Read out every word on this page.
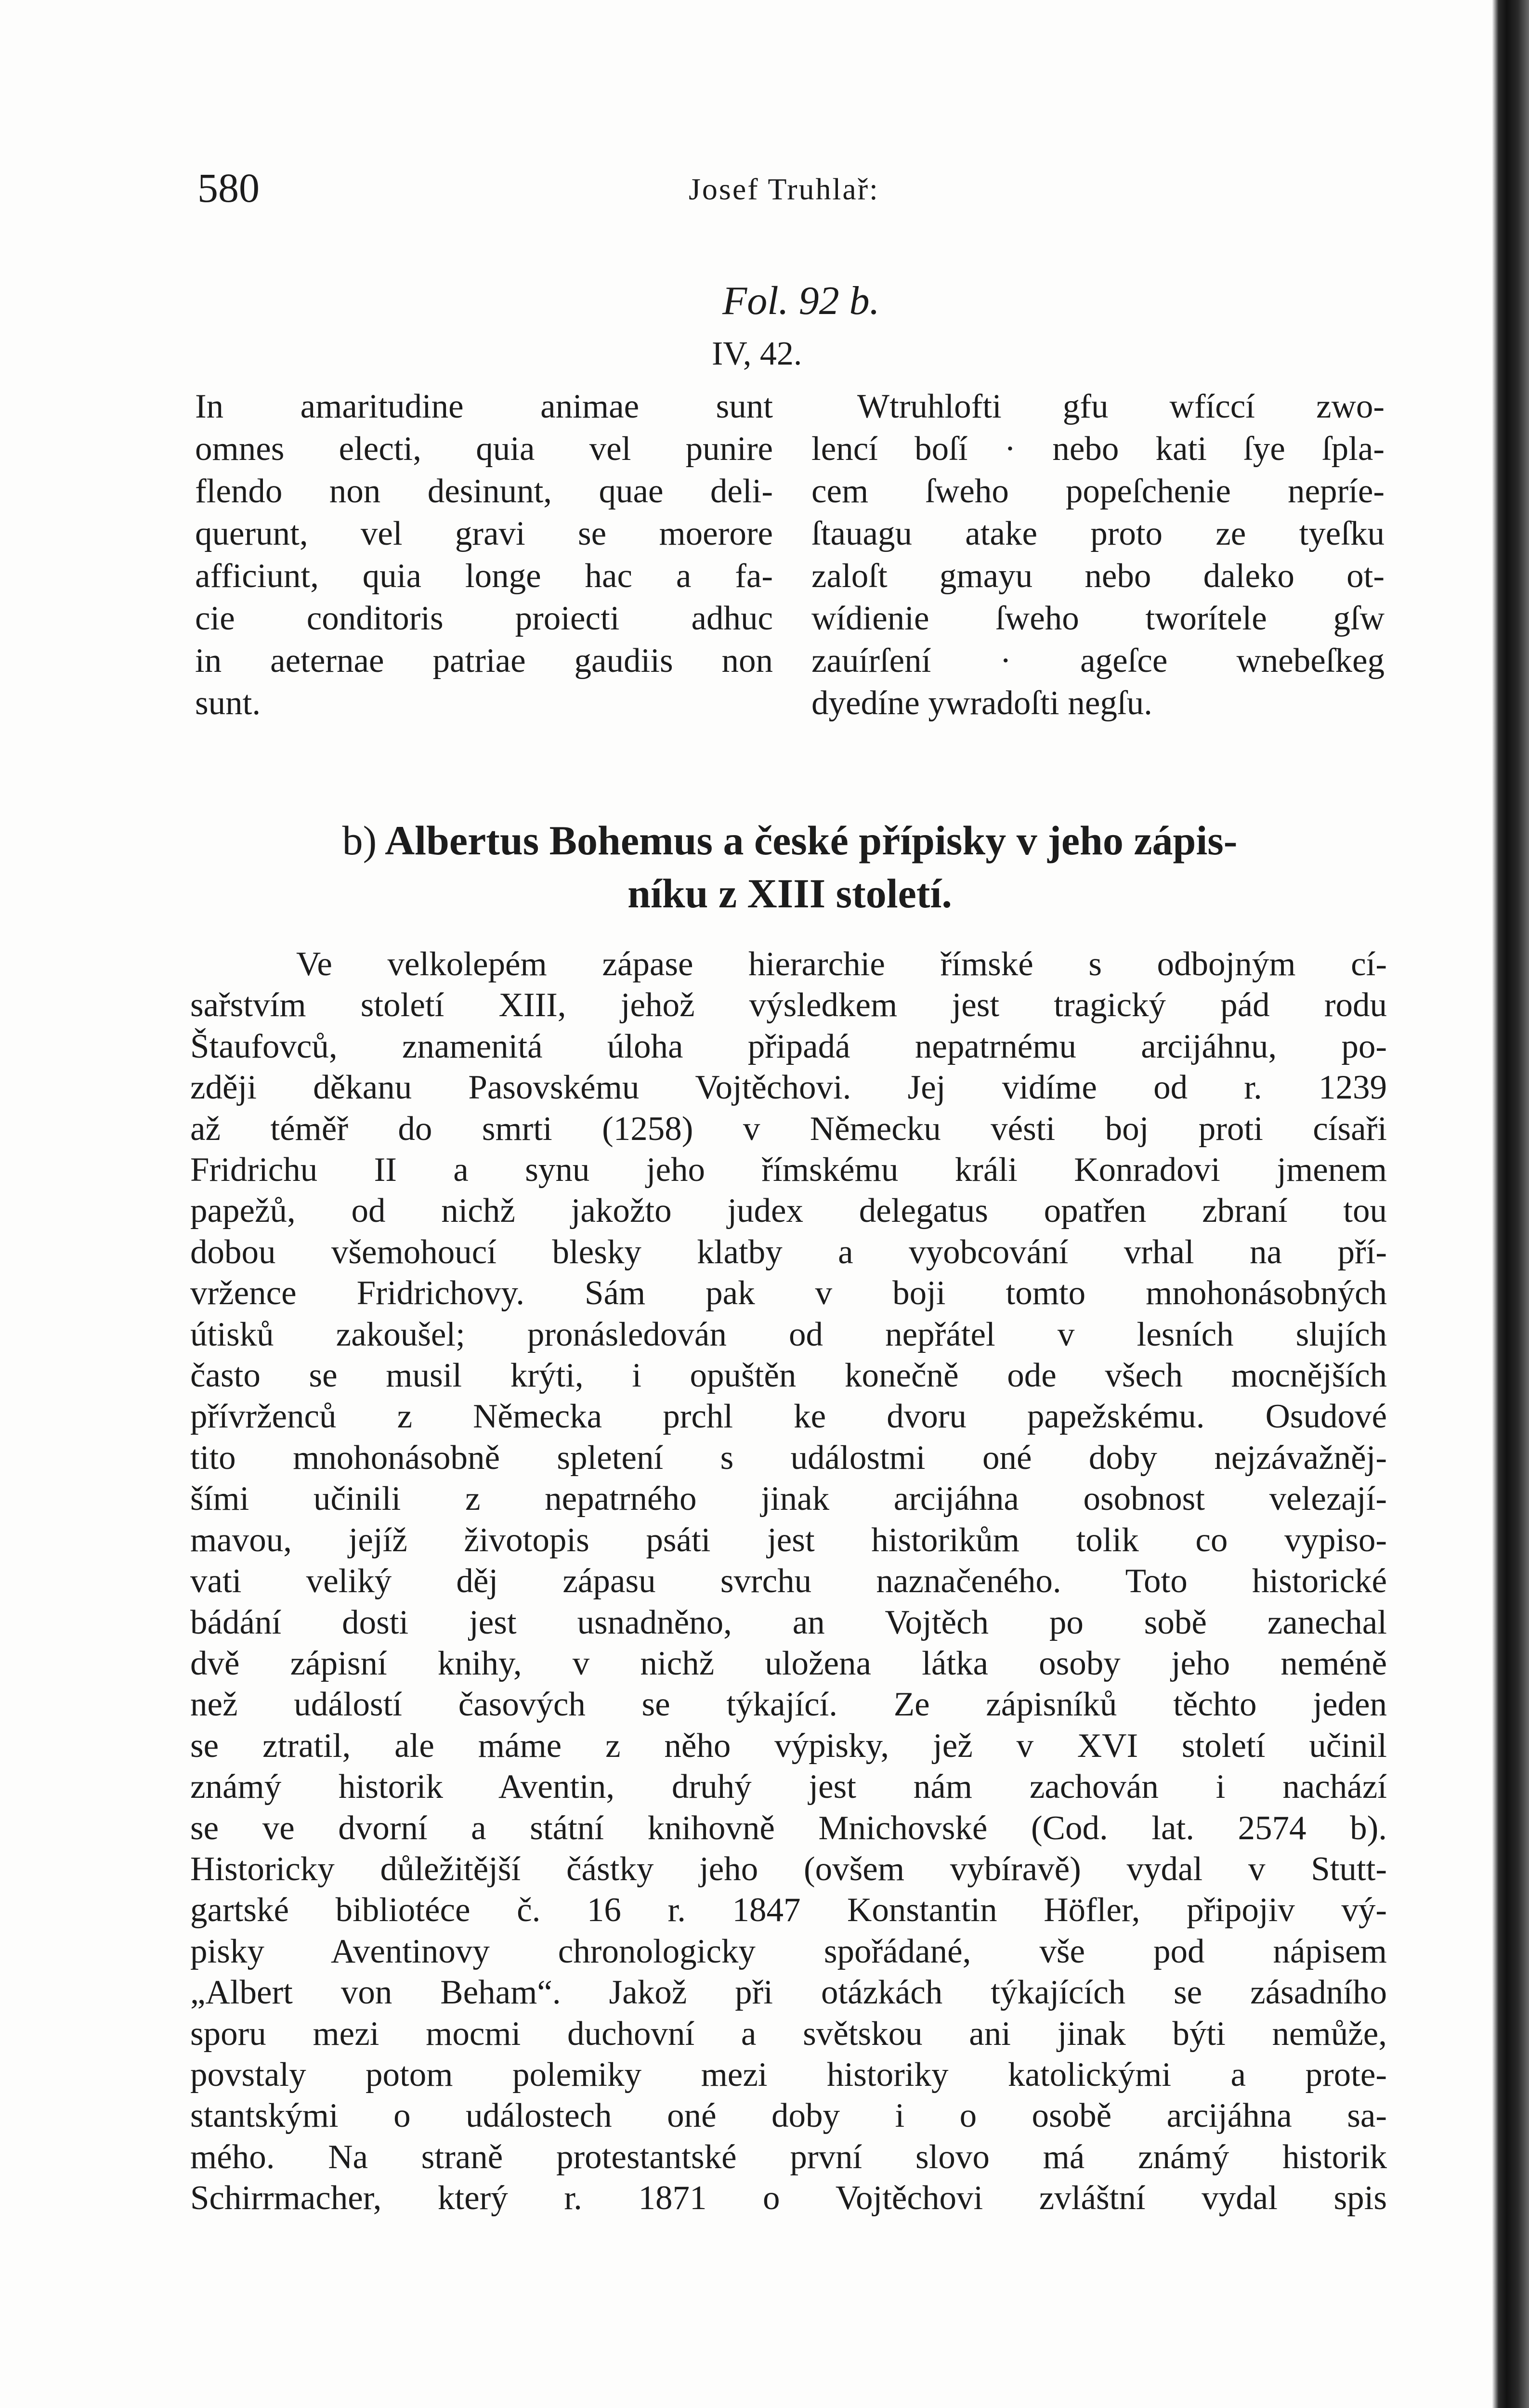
580	Josef Truhlař:
Fol. 92 b.
IV, 42.
In amaritudine animae sunt
omnes electi, quia vel punire
flendo non desinunt, quae deli-
querunt, vel gravi se moerore
afficiunt, quia longe hac a fa-
cie conditoris proiecti adhuc
in aeternae patriae gaudiis non
sunt.
Wtruhlofti gfu wfíccí zwo-
lencí boſí · nebo kati ſye ſpla-
cem ſweho popeſchenie nepríe-
ſtauagu atake proto ze tyeſku
zaloſt gmayu nebo daleko ot-
wídienie ſweho tworítele gſw
zauírſení · ageſce wnebeſkeg
dyedíne ywradoſti negſu.
b) Albertus Bohemus a české přípisky v jeho zápis-
níku z XIII století.
Ve velkolepém zápase hierarchie římské s odbojným cí-
sařstvím století XIII, jehož výsledkem jest tragický pád rodu
Štaufovců, znamenitá úloha připadá nepatrnému arcijáhnu, po-
zději děkanu Pasovskému Vojtěchovi. Jej vidíme od r. 1239
až téměř do smrti (1258) v Německu vésti boj proti císaři
Fridrichu II a synu jeho římskému králi Konradovi jmenem
papežů, od nichž jakožto judex delegatus opatřen zbraní tou
dobou všemohoucí blesky klatby a vyobcování vrhal na pří-
vržence Fridrichovy. Sám pak v boji tomto mnohonásobných
útisků zakoušel; pronásledován od nepřátel v lesních slujích
často se musil krýti, i opuštěn konečně ode všech mocnějších
přívrženců z Německa prchl ke dvoru papežskému. Osudové
tito mnohonásobně spletení s událostmi oné doby nejzávažněj-
šími učinili z nepatrného jinak arcijáhna osobnost velezají-
mavou, jejíž životopis psáti jest historikům tolik co vypiso-
vati veliký děj zápasu svrchu naznačeného. Toto historické
bádání dosti jest usnadněno, an Vojtěch po sobě zanechal
dvě zápisní knihy, v nichž uložena látka osoby jeho neméně
než událostí časových se týkající. Ze zápisníků těchto jeden
se ztratil, ale máme z něho výpisky, jež v XVI století učinil
známý historik Aventin, druhý jest nám zachován i nachází
se ve dvorní a státní knihovně Mnichovské (Cod. lat. 2574 b).
Historicky důležitější částky jeho (ovšem vybíravě) vydal v Stutt-
gartské bibliotéce č. 16 r. 1847 Konstantin Höfler, připojiv vý-
pisky Aventinovy chronologicky spořádané, vše pod nápisem
„Albert von Beham“. Jakož při otázkách týkajících se zásadního
sporu mezi mocmi duchovní a světskou ani jinak býti nemůže,
povstaly potom polemiky mezi historiky katolickými a prote-
stantskými o událostech oné doby i o osobě arcijáhna sa-
mého. Na straně protestantské první slovo má známý historik
Schirrmacher, který r. 1871 o Vojtěchovi zvláštní vydal spis
